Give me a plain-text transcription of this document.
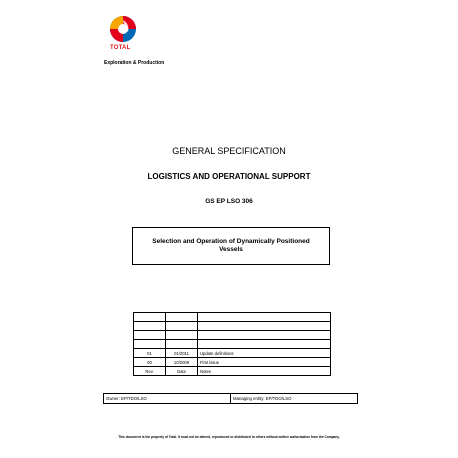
TOTAL
Exploration & Production
GENERAL SPECIFICATION
LOGISTICS AND OPERATIONAL SUPPORT
GS EP LSO 306
Selection and Operation of Dynamically Positioned Vessels

01	01/2011	Update definitions
00	10/2009	First issue
Rev.	Date	Notes
Owner: EP/TDO/LSO	Managing entity: EP/TDO/LSO
This document is the property of Total. It must not be altered, reproduced or distributed to others without written authorisation from the Company.
